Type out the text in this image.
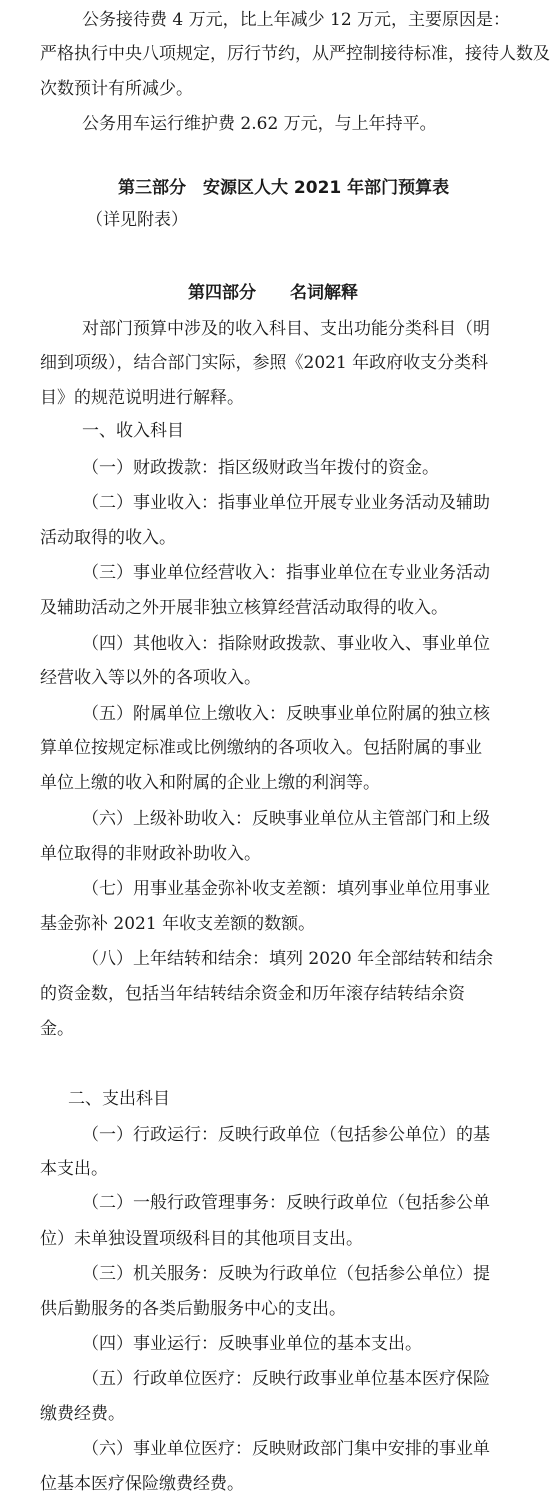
公务接待费 4 万元，比上年减少 12 万元，主要原因是：
严格执行中央八项规定，厉行节约，从严控制接待标准，接待人数及
次数预计有所减少。
公务用车运行维护费 2.62 万元，与上年持平。
第三部分　安源区人大 2021 年部门预算表
（详见附表）
第四部分　　名词解释
对部门预算中涉及的收入科目、支出功能分类科目（明
细到项级），结合部门实际，参照《2021 年政府收支分类科
目》的规范说明进行解释。
一、收入科目
（一）财政拨款：指区级财政当年拨付的资金。
（二）事业收入：指事业单位开展专业业务活动及辅助
活动取得的收入。
（三）事业单位经营收入：指事业单位在专业业务活动
及辅助活动之外开展非独立核算经营活动取得的收入。
（四）其他收入：指除财政拨款、事业收入、事业单位
经营收入等以外的各项收入。
（五）附属单位上缴收入：反映事业单位附属的独立核
算单位按规定标准或比例缴纳的各项收入。包括附属的事业
单位上缴的收入和附属的企业上缴的利润等。
（六）上级补助收入：反映事业单位从主管部门和上级
单位取得的非财政补助收入。
（七）用事业基金弥补收支差额：填列事业单位用事业
基金弥补 2021 年收支差额的数额。
（八）上年结转和结余：填列 2020 年全部结转和结余
的资金数，包括当年结转结余资金和历年滚存结转结余资
金。
二、支出科目
（一）行政运行：反映行政单位（包括参公单位）的基
本支出。
（二）一般行政管理事务：反映行政单位（包括参公单
位）未单独设置项级科目的其他项目支出。
（三）机关服务：反映为行政单位（包括参公单位）提
供后勤服务的各类后勤服务中心的支出。
（四）事业运行：反映事业单位的基本支出。
（五）行政单位医疗：反映行政事业单位基本医疗保险
缴费经费。
（六）事业单位医疗：反映财政部门集中安排的事业单
位基本医疗保险缴费经费。
